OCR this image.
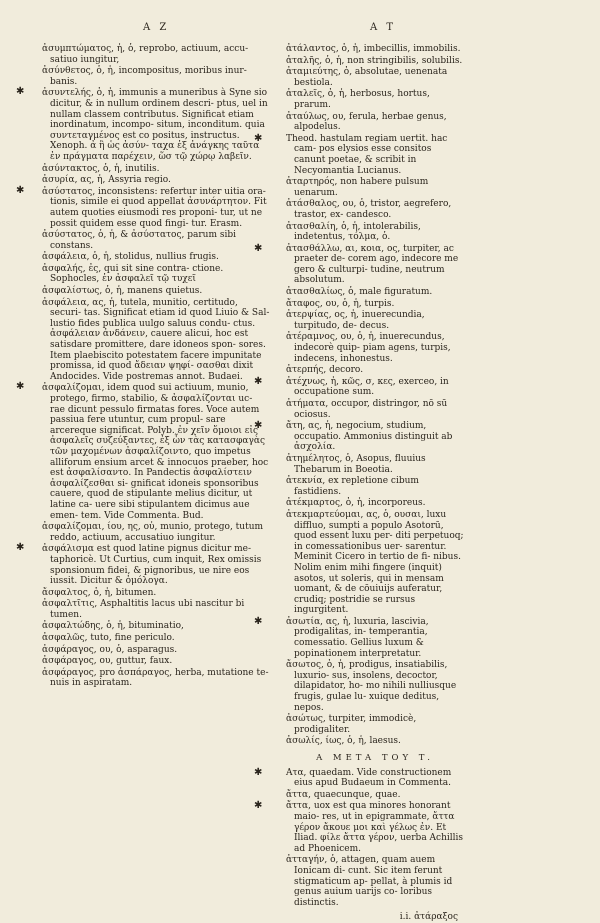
A Z	A T
ἀσυμπτώματος, ἡ, ὁ, reprobo, actiuum, accu- satiuo iungitur,
ἀσύνθετος, ὁ, ἡ, incompositus, moribus inur- banis.
✱ ἀσυντελής, ὁ, ἡ, immunis a muneribus à Syne sio dicitur, & in nullum ordinem descri- ptus, uel in nullam classem contributus. Significat etiam inordinatum, incompo- situm, inconditum. quia συντεταγμένος est co positus, instructus. Xenoph. ἀ ἢ ὡς ἀσύν- ταχα ἐξ ἀνάγκης ταῦτα ἐν πράγματα παρέχειν, ὥσ τῷ χώρῳ λαβεῖν.
ἀσύντακτος, ὁ, ἡ, inutilis.
ἀσυρία, ας, ἡ, Assyria regio.
✱ ἀσύστατος, inconsistens: refertur inter uitia ora- tionis, simile ei quod appellat ἀσυνάρτητον. Fit autem quoties eiusmodi res proponi- tur, ut ne possit quidem esse quod fingi- tur. Erasm.
ἀσύστατος, ὁ, ἡ, & ἀσύστατος, parum sibi constans.
ἀσφάλεια, ὁ, ἡ, stolidus, nullius frugis.
ἀσφαλής, ἐς, qui sit sine contra- ctione. Sophocles, ἐν ἀσφαλεῖ τῷ τυχεῖ
ἀσφαλίστως, ὁ, ἡ, manens quietus.
ἀσφάλεια, ας, ἡ, tutela, munitio, certitudo, securi- tas. Significat etiam id quod Liuio & Sal- lustio fides publica uulgo saluus condu- ctus. ἀσφάλειαν ἀνδάνειν, cauere alicui, hoc est satisdare promittere, dare idoneos spon- sores. Item plaebiscito potestatem facere impunitate promissa, id quod ἄδειαν ψηφί- σασθαι dixit Andocides. Vide postremas annot. Budaei.
✱ ἀσφαλίζομαι, idem quod sui actiuum, munio, protego, firmo, stabilio, & ἀσφαλίζονται uc- rae dicunt pessulo firmatas fores. Voce autem passiua fere utuntur, cum propul- sare arcereque significat. Polyb. ἐν χεῖν ὅμοιοι εἰς ἀσφαλεῖς συζεύξαντες, ἐξ ὧν τὰς κατασφαγὰς τῶν μαχομένων ἀσφαλίζοιντο, quo impetus alliforum ensium arcet & innocuos praeber, hoc est ἀσφαλίσαντο. In Pandectis ἀσφαλίστειν ἀσφαλίζεσθαι si- gnificat idoneis sponsoribus cauere, quod de stipulante melius dicitur, ut latine ca- uere sibi stipulantem dicimus aue emen- tem. Vide Commenta. Bud.
ἀσφαλίζομαι, ίου, ης, οὐ, munio, protego, tutum reddo, actiuum, accusatiuo iungitur.
✱ ἀσφάλισμα est quod latine pignus dicitur me- taphoricè. Ut Curtius, cum inquit, Rex omissis sponsionum fidei, & pignoribus, ue nire eos iussit. Dicitur & ὁμόλογα.
ἄσφαλτος, ὁ, ἡ, bitumen.
ἀσφαλτῖτις, Asphaltitis lacus ubi nascitur bi tumen.
ἀσφαλτώδης, ὁ, ἡ, bituminatio,
ἀσφαλῶς, tuto, fine periculo.
ἀσφάραγος, ου, ὁ, asparagus.
ἀσφάραγος, ου, guttur, faux.
ἀσφάραγος, pro ἀσπάραγος, herba, mutatione te- nuis in aspiratam.
ἀτάλαντος, ὁ, ἡ, imbecillis, immobilis.
ἀταλῆς, ὁ, ἡ, non stringibilis, solubilis.
ἀταμιεύτης, ὁ, absolutae, uenenata bestiola.
ἀταλεῖς, ὁ, ἡ, herbosus, hortus, prarum.
ἀταύλως, ου, ferula, herbae genus, alpodelus.
✱ Theod. hastulam regiam uertit. hac cam- pos elysios esse consitos canunt poetae, & scribit in Necyomantia Lucianus.
ἀταρτηρός, non habere pulsum uenarum.
ἀτάσθαλος, ου, ὁ, tristor, aegrefero, trastor, ex- candesco.
ἀτασθαλίη, ὁ, ἡ, intolerabilis, indetentus, τόλμα, ὁ.
✱ ἀτασθάλλω, αι, κοια, ος, turpiter, ac praeter de- corem ago, indecore me gero & culturpi- tudine, neutrum absolutum.
ἀτασθαλίως, ὁ, male figuratum.
ἄταφος, ου, ὁ, ἡ, turpis.
ἀτερψίας, ος, ἡ, inuerecundia, turpitudo, de- decus.
ἀτέραμνος, ου, ὁ, ἡ, inuerecundus, indecorè quip- piam agens, turpis, indecens, inhonestus.
ἀτερπής, decoro.
✱ ἀτέχνως, ἡ, κῶς, σ, κες, exerceo, in occupatione sum.
ἀτήματα, occupor, distringor, nō sū ociosus.
✱ ἄτη, ας, ἡ, negocium, studium, occupatio. Ammonius distinguit ab ἀσχολία.
ἀτημέλητος, ὁ, Asopus, fluuius Thebarum in Boeotia.
ἀτεκνία, ex repletione cibum fastidiens.
ἀτέκμαρτος, ὁ, ἡ, incorporeus.
ἀτεκμαρτεύομαι, ας, ὁ, ουσαι, luxu diffluo, sumpti a populo Asotorū, quod essent luxu per- diti perpetuoq; in comessationibus uer- sarentur. Meminit Cicero in tertio de fi- nibus. Nolim enim mihi fingere (inquit) asotos, ut soleris, qui in mensam uomant, & de cōuiuijs auferatur, crudiq; postridie se rursus ingurgitent.
✱ ἀσωτία, ας, ἡ, luxuria, lascivia, prodigalitas, in- temperantia, comessatio. Gellius luxum & popinationem interpretatur.
ἄσωτος, ὁ, ἡ, prodigus, insatiabilis, luxurio- sus, insolens, decoctor, dilapidator, ho- mo nihili nulliusque frugis, gulae lu- xuique deditus, nepos.
ἀσώτως, turpiter, immodicè, prodigaliter.
ἀσωλίς, ίως, ὁ, ἡ, laesus.
A META TOY T.
✱ Aτα, quaedam. Vide constructionem eius apud Budaeum in Commenta.
ἄττα, quaecunque, quae.
✱ ἄττα, uox est qua minores honorant maio- res, ut in epigrammate, ἄττα γέρον ἄκουε μοι καὶ γέλως ἐν. Et Iliad. φίλε ἄττα γέρον, uerba Achillis ad Phoenicem.
ἀτταγήν, ὁ, attagen, quam auem Ionicam di- cunt. Sic item ferunt stigmaticum ap- pellat, à plumis id genus auium uarijs co- loribus distinctis.
i.i. ἀτάραξος
